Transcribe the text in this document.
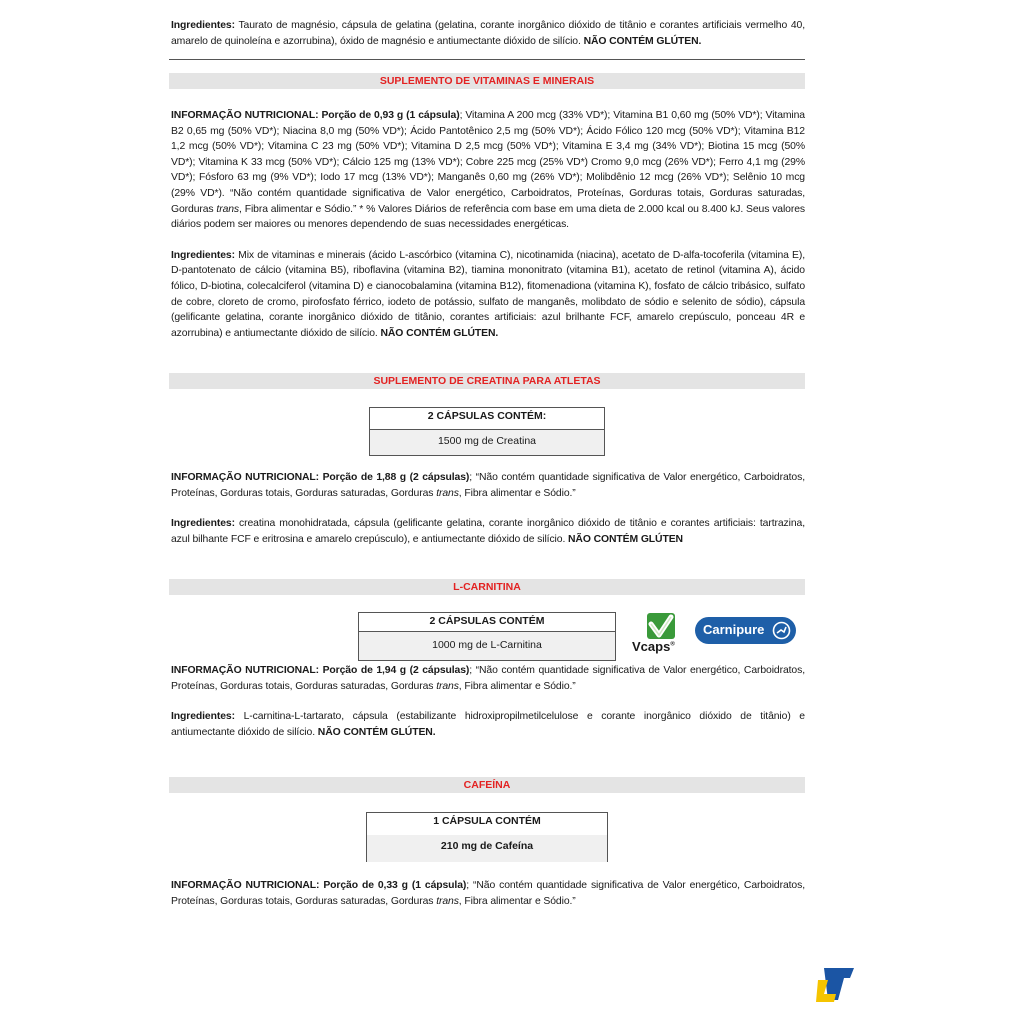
Ingredientes: Taurato de magnésio, cápsula de gelatina (gelatina, corante inorgânico dióxido de titânio e corantes artificiais vermelho 40, amarelo de quinoleína e azorrubina), óxido de magnésio e antiumectante dióxido de silício. NÃO CONTÉM GLÚTEN.

SUPLEMENTO DE VITAMINAS E MINERAIS

INFORMAÇÃO NUTRICIONAL: Porção de 0,93 g (1 cápsula); Vitamina A 200 mcg (33% VD*); Vitamina B1 0,60 mg (50% VD*); Vitamina B2 0,65 mg (50% VD*); Niacina 8,0 mg (50% VD*); Ácido Pantotênico 2,5 mg (50% VD*); Ácido Fólico 120 mcg (50% VD*); Vitamina B12 1,2 mcg (50% VD*); Vitamina C 23 mg (50% VD*); Vitamina D 2,5 mcg (50% VD*); Vitamina E 3,4 mg (34% VD*); Biotina 15 mcg (50% VD*); Vitamina K 33 mcg (50% VD*); Cálcio 125 mg (13% VD*); Cobre 225 mcg (25% VD*) Cromo 9,0 mcg (26% VD*); Ferro 4,1 mg (29% VD*); Fósforo 63 mg (9% VD*); Iodo 17 mcg (13% VD*); Manganês 0,60 mg (26% VD*); Molibdênio 12 mcg (26% VD*); Selênio 10 mcg (29% VD*). “Não contém quantidade significativa de Valor energético, Carboidratos, Proteínas, Gorduras totais, Gorduras saturadas, Gorduras trans, Fibra alimentar e Sódio.” * % Valores Diários de referência com base em uma dieta de 2.000 kcal ou 8.400 kJ. Seus valores diários podem ser maiores ou menores dependendo de suas necessidades energéticas.

Ingredientes: Mix de vitaminas e minerais (ácido L-ascórbico (vitamina C), nicotinamida (niacina), acetato de D-alfa-tocoferila (vitamina E), D-pantotenato de cálcio (vitamina B5), riboflavina (vitamina B2), tiamina mononitrato (vitamina B1), acetato de retinol (vitamina A), ácido fólico, D-biotina, colecalciferol (vitamina D) e cianocobalamina (vitamina B12), fitomenadiona (vitamina K), fosfato de cálcio tribásico, sulfato de cobre, cloreto de cromo, pirofosfato férrico, iodeto de potássio, sulfato de manganês, molibdato de sódio e selenito de sódio), cápsula (gelificante gelatina, corante inorgânico dióxido de titânio, corantes artificiais: azul brilhante FCF, amarelo crepúsculo, ponceau 4R e azorrubina) e antiumectante dióxido de silício. NÃO CONTÉM GLÚTEN.

SUPLEMENTO DE CREATINA PARA ATLETAS
2 CÁPSULAS CONTÉM:
1500 mg de Creatina

INFORMAÇÃO NUTRICIONAL: Porção de 1,88 g (2 cápsulas); “Não contém quantidade significativa de Valor energético, Carboidratos, Proteínas, Gorduras totais, Gorduras saturadas, Gorduras trans, Fibra alimentar e Sódio.”

Ingredientes: creatina monohidratada, cápsula (gelificante gelatina, corante inorgânico dióxido de titânio e corantes artificiais: tartrazina, azul bilhante FCF e eritrosina e amarelo crepúsculo), e antiumectante dióxido de silício. NÃO CONTÉM GLÚTEN

L-CARNITINA
2 CÁPSULAS CONTÉM
1000 mg de L-Carnitina	Vcaps®
Carnipure

INFORMAÇÃO NUTRICIONAL: Porção de 1,94 g (2 cápsulas); “Não contém quantidade significativa de Valor energético, Carboidratos, Proteínas, Gorduras totais, Gorduras saturadas, Gorduras trans, Fibra alimentar e Sódio.”

Ingredientes: L-carnitina-L-tartarato, cápsula (estabilizante hidroxipropilmetilcelulose e corante inorgânico dióxido de titânio) e antiumectante dióxido de silício. NÃO CONTÉM GLÚTEN.

CAFEÍNA
1 CÁPSULA CONTÉM
210 mg de Cafeína

INFORMAÇÃO NUTRICIONAL: Porção de 0,33 g (1 cápsula); “Não contém quantidade significativa de Valor energético, Carboidratos, Proteínas, Gorduras totais, Gorduras saturadas, Gorduras trans, Fibra alimentar e Sódio.”
